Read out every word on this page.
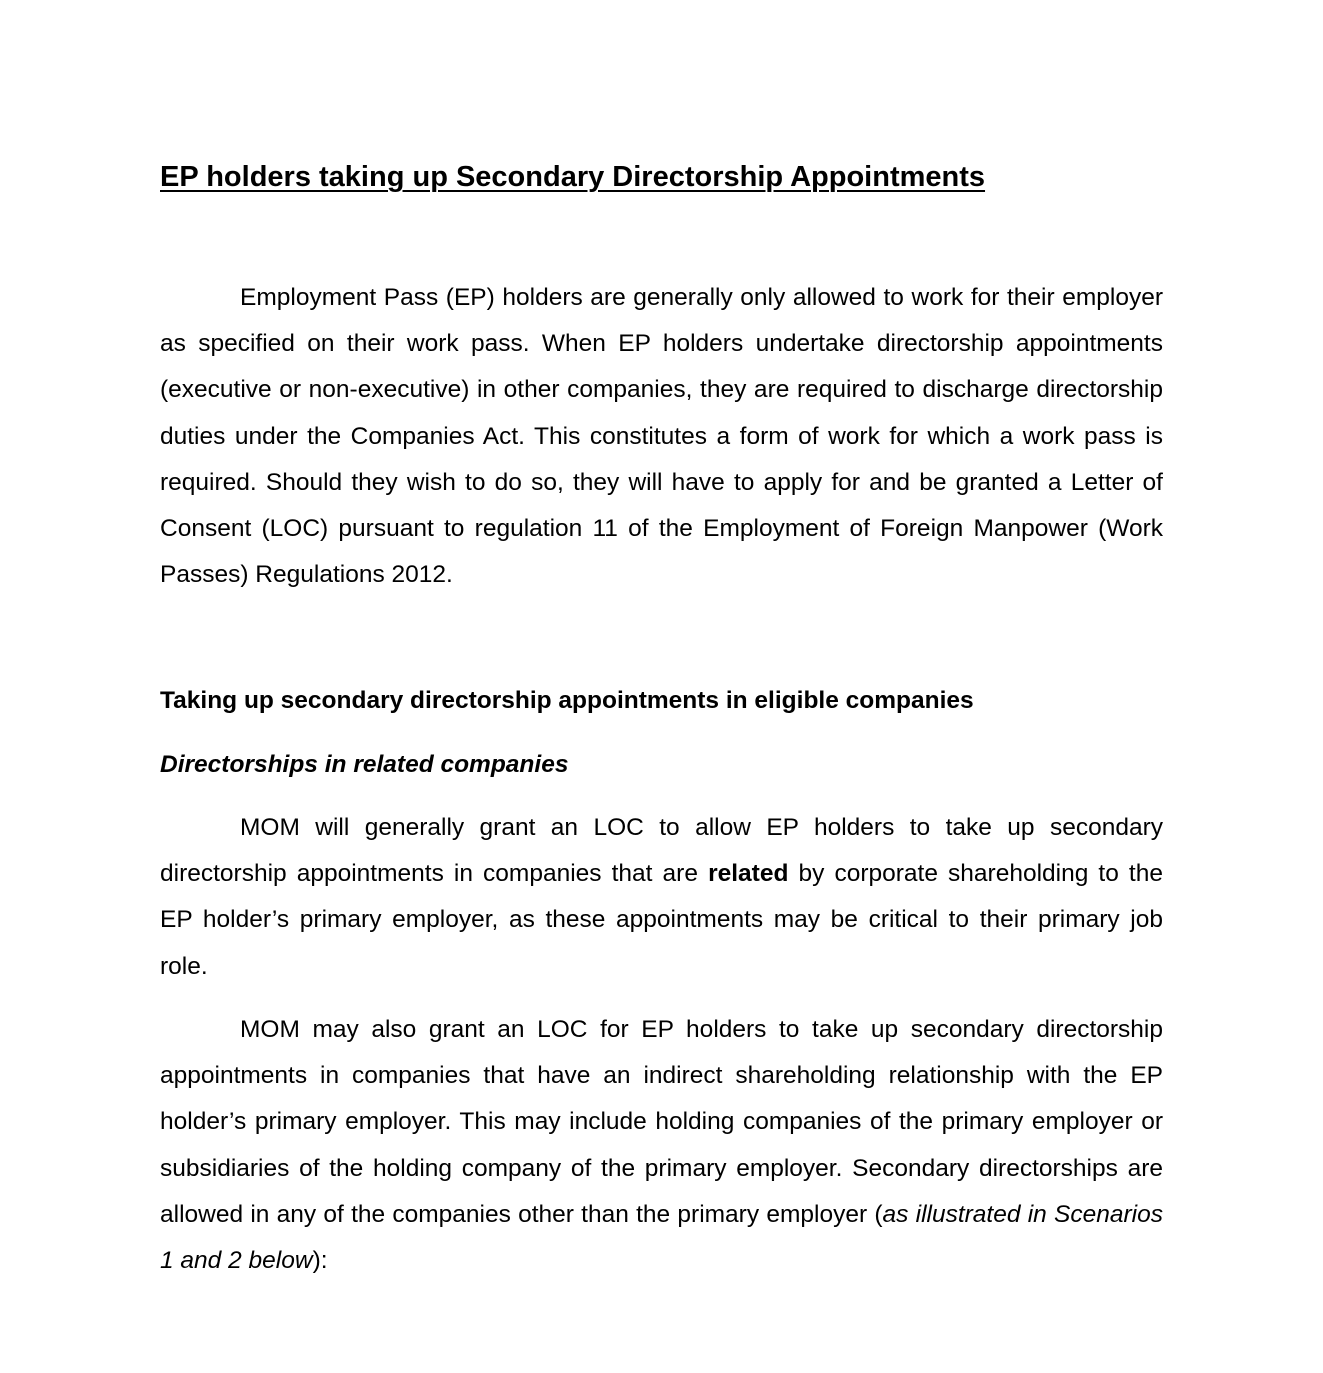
EP holders taking up Secondary Directorship Appointments

Employment Pass (EP) holders are generally only allowed to work for their employer as specified on their work pass. When EP holders undertake directorship appointments (executive or non-executive) in other companies, they are required to discharge directorship duties under the Companies Act. This constitutes a form of work for which a work pass is required. Should they wish to do so, they will have to apply for and be granted a Letter of Consent (LOC) pursuant to regulation 11 of the Employment of Foreign Manpower (Work Passes) Regulations 2012.

Taking up secondary directorship appointments in eligible companies
Directorships in related companies

MOM will generally grant an LOC to allow EP holders to take up secondary directorship appointments in companies that are related by corporate shareholding to the EP holder’s primary employer, as these appointments may be critical to their primary job role.

MOM may also grant an LOC for EP holders to take up secondary directorship appointments in companies that have an indirect shareholding relationship with the EP holder’s primary employer. This may include holding companies of the primary employer or subsidiaries of the holding company of the primary employer. Secondary directorships are allowed in any of the companies other than the primary employer (as illustrated in Scenarios 1 and 2 below):
